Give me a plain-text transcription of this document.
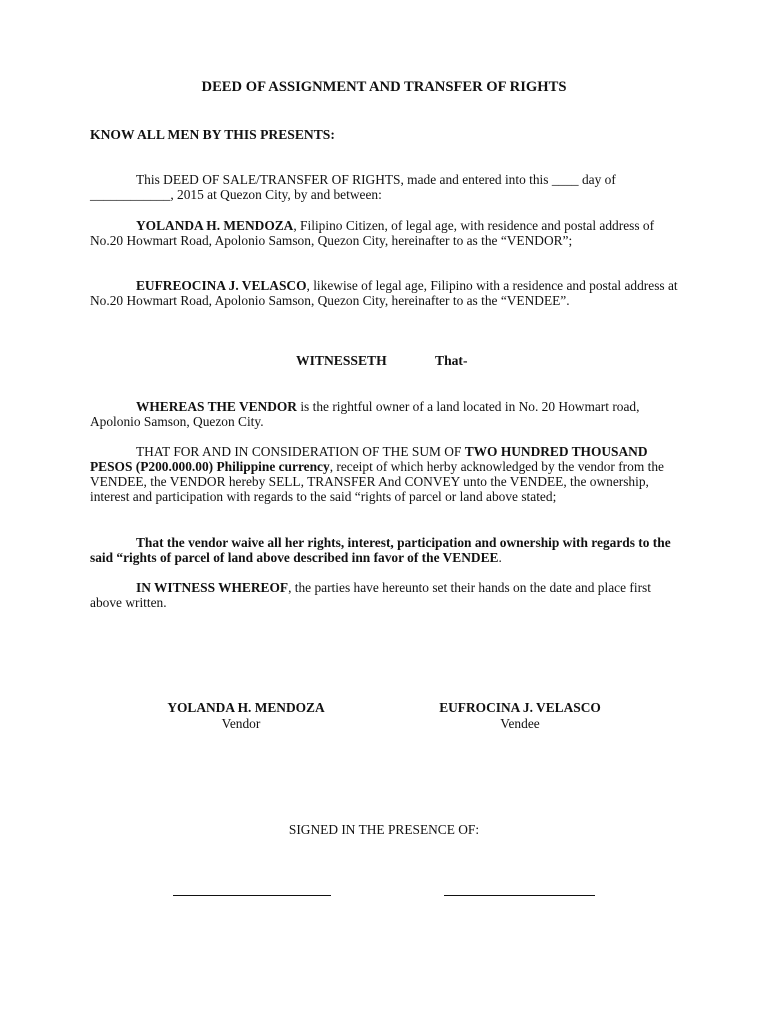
DEED OF ASSIGNMENT AND TRANSFER OF RIGHTS
KNOW ALL MEN BY THIS PRESENTS:

This DEED OF SALE/TRANSFER OF RIGHTS, made and entered into this ____ day of ____________, 2015 at Quezon City, by and between:

YOLANDA H. MENDOZA, Filipino Citizen, of legal age, with residence and postal address of No.20 Howmart Road, Apolonio Samson, Quezon City, hereinafter to as the “VENDOR”;

EUFREOCINA J. VELASCO, likewise of legal age, Filipino with a residence and postal address at No.20 Howmart Road, Apolonio Samson, Quezon City, hereinafter to as the “VENDEE”.

WITNESSETH	That-

WHEREAS THE VENDOR is the rightful owner of a land located in No. 20 Howmart road, Apolonio Samson, Quezon City.

THAT FOR AND IN CONSIDERATION OF THE SUM OF TWO HUNDRED THOUSAND PESOS (P200.000.00) Philippine currency, receipt of which herby acknowledged by the vendor from the VENDEE, the VENDOR hereby SELL, TRANSFER And CONVEY unto the VENDEE, the ownership, interest and participation with regards to the said “rights of parcel or land above stated;

That the vendor waive all her rights, interest, participation and ownership with regards to the said “rights of parcel of land above described inn favor of the VENDEE.

IN WITNESS WHEREOF, the parties have hereunto set their hands on the date and place first above written.

YOLANDA H. MENDOZA
Vendor
EUFROCINA J. VELASCO
Vendee
SIGNED IN THE PRESENCE OF:
